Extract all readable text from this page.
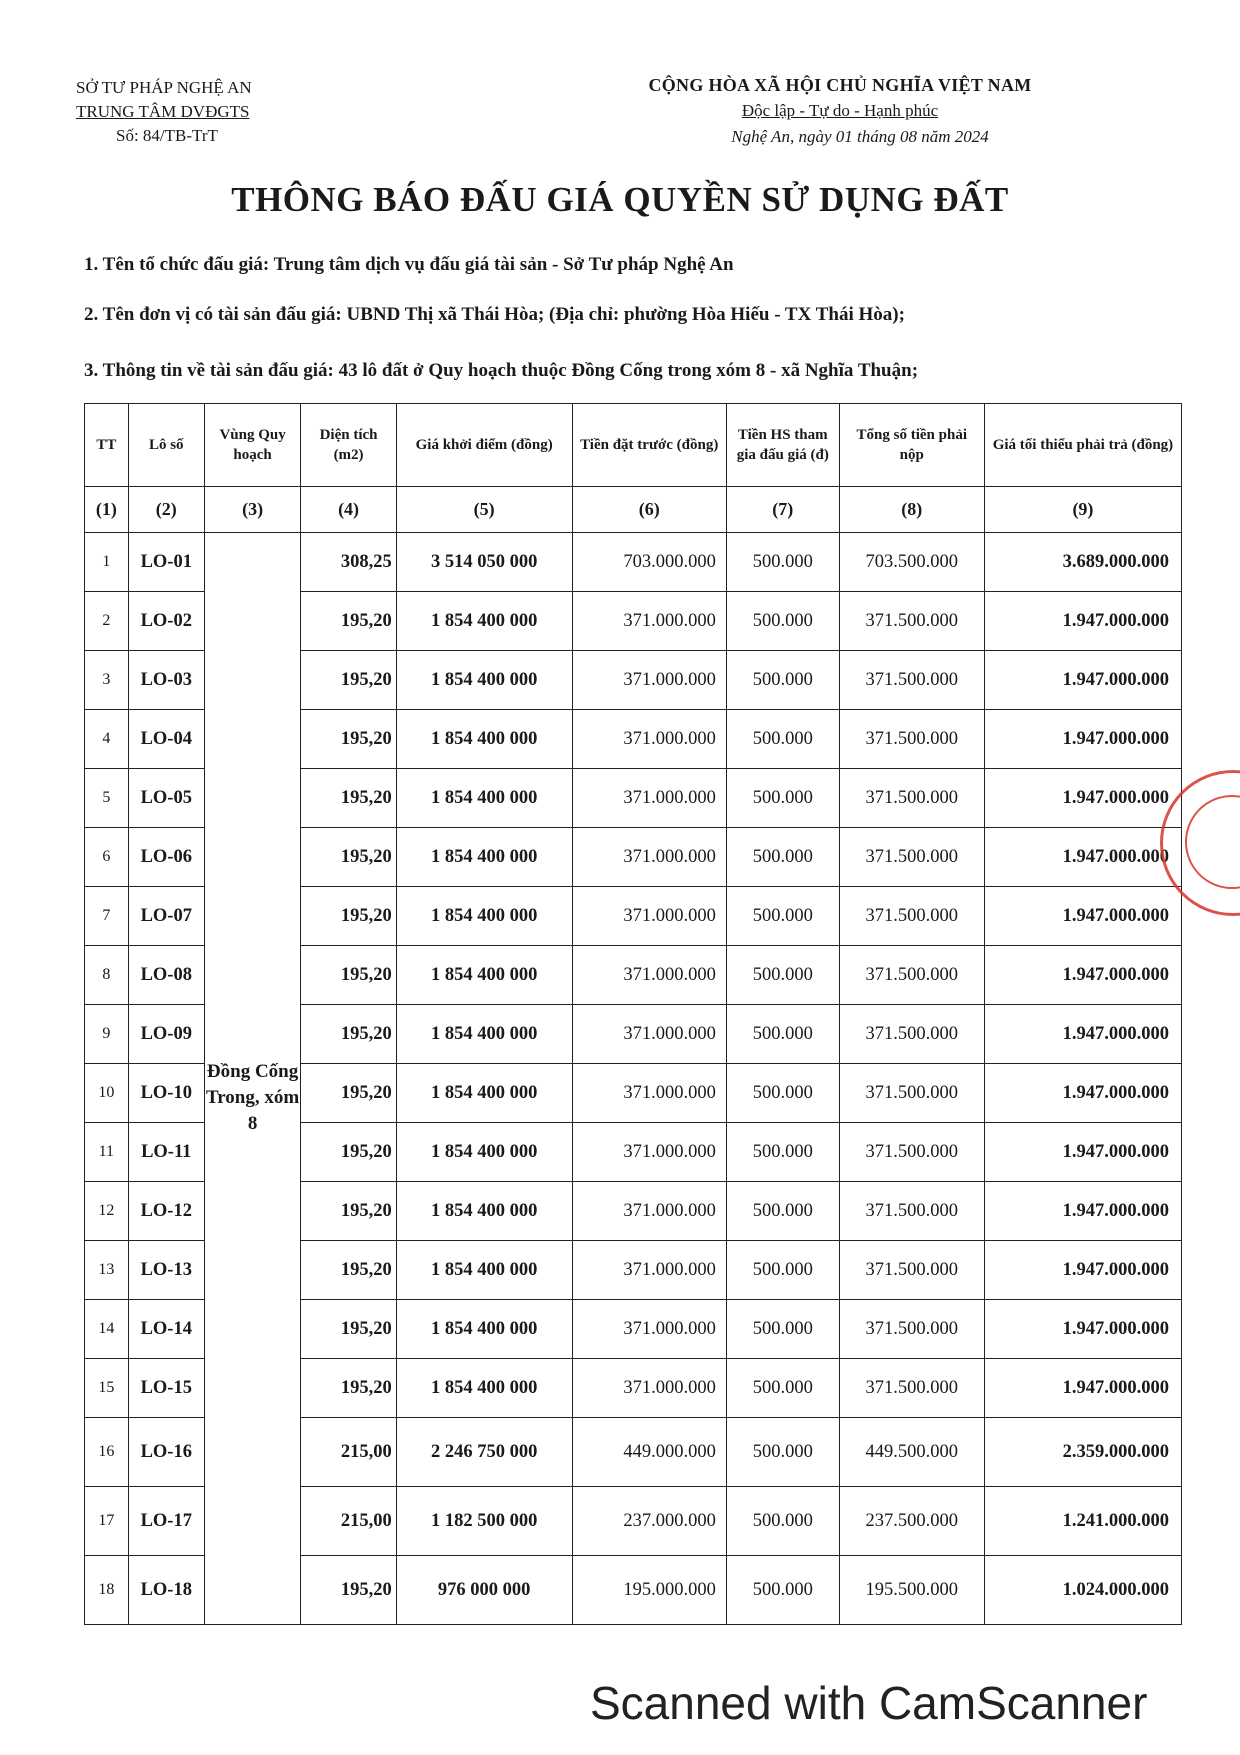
SỞ TƯ PHÁP NGHỆ AN
TRUNG TÂM DVĐGTS
Số: 84/TB-TrT
CỘNG HÒA XÃ HỘI CHỦ NGHĨA VIỆT NAM
Độc lập - Tự do - Hạnh phúc
Nghệ An, ngày 01 tháng 08 năm 2024
THÔNG BÁO ĐẤU GIÁ QUYỀN SỬ DỤNG ĐẤT
1. Tên tổ chức đấu giá: Trung tâm dịch vụ đấu giá tài sản - Sở Tư pháp Nghệ An
2. Tên đơn vị có tài sản đấu giá: UBND Thị xã Thái Hòa; (Địa chỉ: phường Hòa Hiếu - TX Thái Hòa);
3. Thông tin về tài sản đấu giá: 43 lô đất ở Quy hoạch thuộc Đồng Cống trong xóm 8 - xã Nghĩa Thuận;
TT	Lô số	Vùng Quy hoạch	Diện tích (m2)	Giá khởi điểm (đồng)	Tiền đặt trước (đồng)	Tiền HS tham gia đấu giá (đ)	Tổng số tiền phải nộp	Giá tối thiểu phải trả (đồng)
(1)	(2)	(3)	(4)	(5)	(6)	(7)	(8)	(9)
1	LO-01	Đồng Cống Trong, xóm 8	308,25	3 514 050 000	703.000.000	500.000	703.500.000	3.689.000.000
2	LO-02		195,20	1 854 400 000	371.000.000	500.000	371.500.000	1.947.000.000
3	LO-03		195,20	1 854 400 000	371.000.000	500.000	371.500.000	1.947.000.000
4	LO-04		195,20	1 854 400 000	371.000.000	500.000	371.500.000	1.947.000.000
5	LO-05		195,20	1 854 400 000	371.000.000	500.000	371.500.000	1.947.000.000
6	LO-06		195,20	1 854 400 000	371.000.000	500.000	371.500.000	1.947.000.000
7	LO-07		195,20	1 854 400 000	371.000.000	500.000	371.500.000	1.947.000.000
8	LO-08		195,20	1 854 400 000	371.000.000	500.000	371.500.000	1.947.000.000
9	LO-09		195,20	1 854 400 000	371.000.000	500.000	371.500.000	1.947.000.000
10	LO-10		195,20	1 854 400 000	371.000.000	500.000	371.500.000	1.947.000.000
11	LO-11		195,20	1 854 400 000	371.000.000	500.000	371.500.000	1.947.000.000
12	LO-12		195,20	1 854 400 000	371.000.000	500.000	371.500.000	1.947.000.000
13	LO-13		195,20	1 854 400 000	371.000.000	500.000	371.500.000	1.947.000.000
14	LO-14		195,20	1 854 400 000	371.000.000	500.000	371.500.000	1.947.000.000
15	LO-15		195,20	1 854 400 000	371.000.000	500.000	371.500.000	1.947.000.000
16	LO-16		215,00	2 246 750 000	449.000.000	500.000	449.500.000	2.359.000.000
17	LO-17		215,00	1 182 500 000	237.000.000	500.000	237.500.000	1.241.000.000
18	LO-18		195,20	976 000 000	195.000.000	500.000	195.500.000	1.024.000.000
Scanned with CamScanner
